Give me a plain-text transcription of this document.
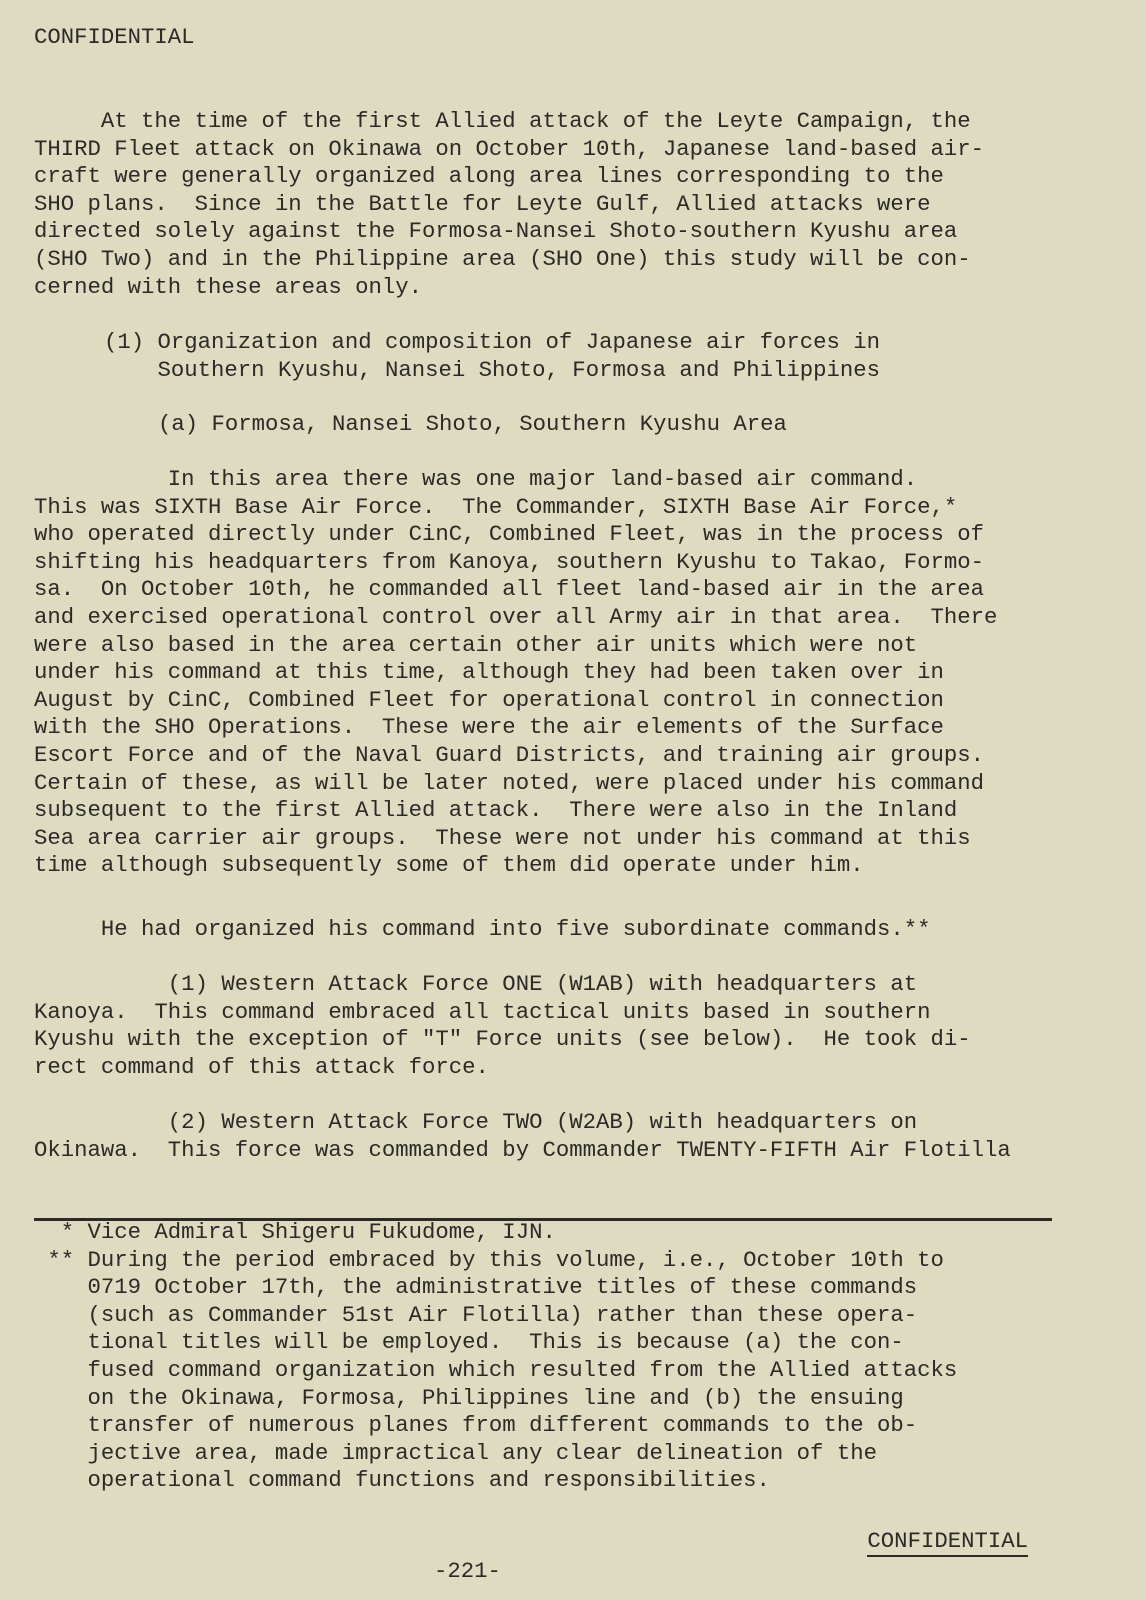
CONFIDENTIAL
At the time of the first Allied attack of the Leyte Campaign, the
THIRD Fleet attack on Okinawa on October 10th, Japanese land-based air-
craft were generally organized along area lines corresponding to the
SHO plans.  Since in the Battle for Leyte Gulf, Allied attacks were
directed solely against the Formosa-Nansei Shoto-southern Kyushu area
(SHO Two) and in the Philippine area (SHO One) this study will be con-
cerned with these areas only.
(1) Organization and composition of Japanese air forces in
Southern Kyushu, Nansei Shoto, Formosa and Philippines
(a) Formosa, Nansei Shoto, Southern Kyushu Area
In this area there was one major land-based air command.
This was SIXTH Base Air Force.  The Commander, SIXTH Base Air Force,*
who operated directly under CinC, Combined Fleet, was in the process of
shifting his headquarters from Kanoya, southern Kyushu to Takao, Formo-
sa.  On October 10th, he commanded all fleet land-based air in the area
and exercised operational control over all Army air in that area.  There
were also based in the area certain other air units which were not
under his command at this time, although they had been taken over in
August by CinC, Combined Fleet for operational control in connection
with the SHO Operations.  These were the air elements of the Surface
Escort Force and of the Naval Guard Districts, and training air groups.
Certain of these, as will be later noted, were placed under his command
subsequent to the first Allied attack.  There were also in the Inland
Sea area carrier air groups.  These were not under his command at this
time although subsequently some of them did operate under him.
He had organized his command into five subordinate commands.**
(1) Western Attack Force ONE (W1AB) with headquarters at
Kanoya.  This command embraced all tactical units based in southern
Kyushu with the exception of "T" Force units (see below).  He took di-
rect command of this attack force.
(2) Western Attack Force TWO (W2AB) with headquarters on
Okinawa.  This force was commanded by Commander TWENTY-FIFTH Air Flotilla
* Vice Admiral Shigeru Fukudome, IJN.
** During the period embraced by this volume, i.e., October 10th to
0719 October 17th, the administrative titles of these commands
(such as Commander 51st Air Flotilla) rather than these opera-
tional titles will be employed.  This is because (a) the con-
fused command organization which resulted from the Allied attacks
on the Okinawa, Formosa, Philippines line and (b) the ensuing
transfer of numerous planes from different commands to the ob-
jective area, made impractical any clear delineation of the
operational command functions and responsibilities.
CONFIDENTIAL
-221-
